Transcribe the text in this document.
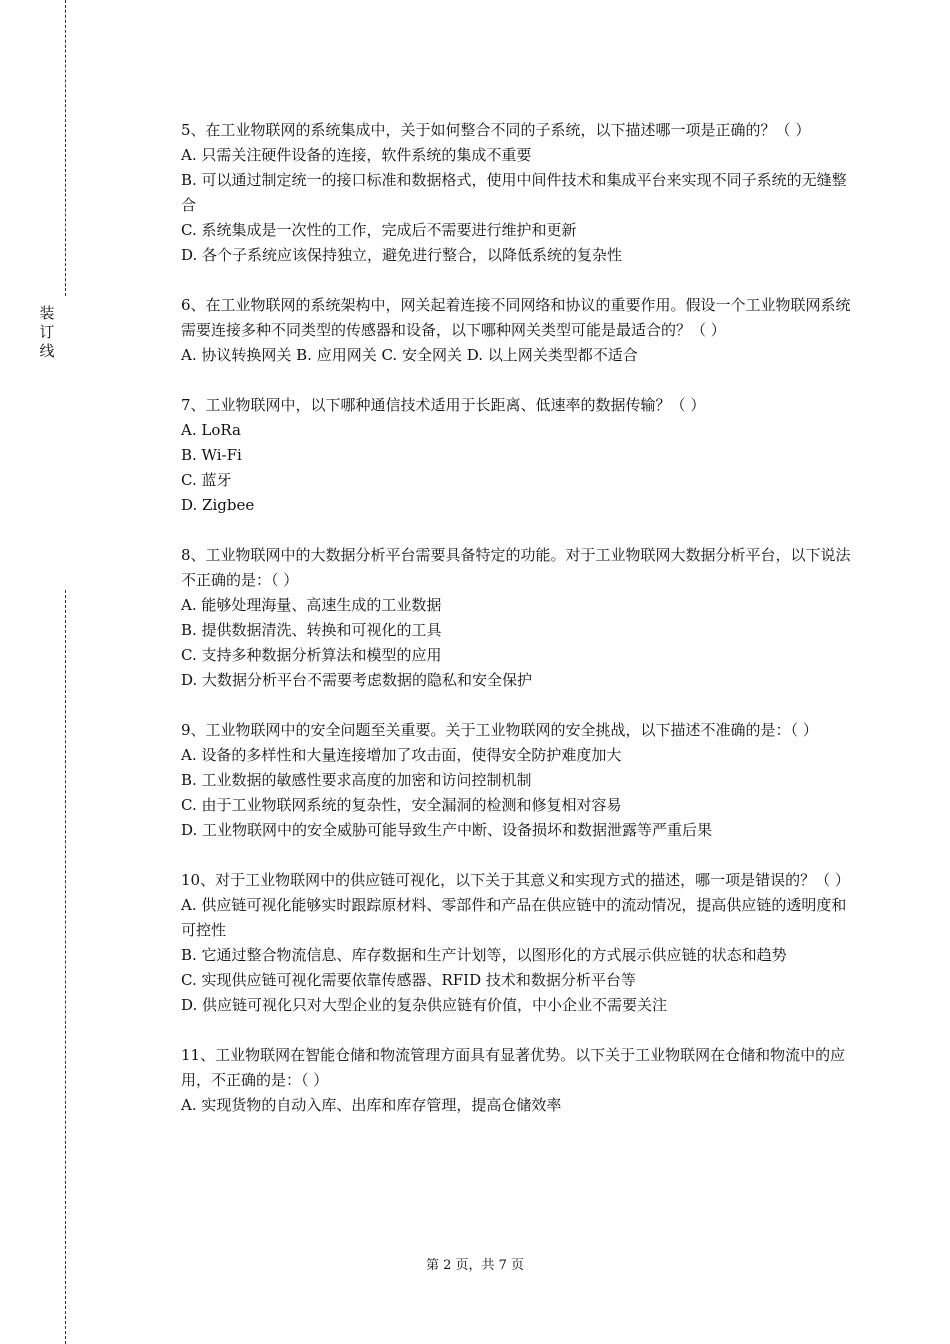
装
订
线

5、在工业物联网的系统集成中，关于如何整合不同的子系统，以下描述哪一项是正确的？（ ）

A. 只需关注硬件设备的连接，软件系统的集成不重要

B. 可以通过制定统一的接口标准和数据格式，使用中间件技术和集成平台来实现不同子系统的无缝整合

C. 系统集成是一次性的工作，完成后不需要进行维护和更新

D. 各个子系统应该保持独立，避免进行整合，以降低系统的复杂性

6、在工业物联网的系统架构中，网关起着连接不同网络和协议的重要作用。假设一个工业物联网系统需要连接多种不同类型的传感器和设备，以下哪种网关类型可能是最适合的？（ ）

A. 协议转换网关 B. 应用网关 C. 安全网关 D. 以上网关类型都不适合

7、工业物联网中，以下哪种通信技术适用于长距离、低速率的数据传输？（ ）

A. LoRa

B. Wi-Fi

C. 蓝牙

D. Zigbee

8、工业物联网中的大数据分析平台需要具备特定的功能。对于工业物联网大数据分析平台，以下说法不正确的是：（ ）

A. 能够处理海量、高速生成的工业数据

B. 提供数据清洗、转换和可视化的工具

C. 支持多种数据分析算法和模型的应用

D. 大数据分析平台不需要考虑数据的隐私和安全保护

9、工业物联网中的安全问题至关重要。关于工业物联网的安全挑战，以下描述不准确的是：（ ）

A. 设备的多样性和大量连接增加了攻击面，使得安全防护难度加大

B. 工业数据的敏感性要求高度的加密和访问控制机制

C. 由于工业物联网系统的复杂性，安全漏洞的检测和修复相对容易

D. 工业物联网中的安全威胁可能导致生产中断、设备损坏和数据泄露等严重后果

10、对于工业物联网中的供应链可视化，以下关于其意义和实现方式的描述，哪一项是错误的？（ ）

A. 供应链可视化能够实时跟踪原材料、零部件和产品在供应链中的流动情况，提高供应链的透明度和可控性

B. 它通过整合物流信息、库存数据和生产计划等，以图形化的方式展示供应链的状态和趋势

C. 实现供应链可视化需要依靠传感器、RFID 技术和数据分析平台等

D. 供应链可视化只对大型企业的复杂供应链有价值，中小企业不需要关注

11、工业物联网在智能仓储和物流管理方面具有显著优势。以下关于工业物联网在仓储和物流中的应用，不正确的是：（ ）

A. 实现货物的自动入库、出库和库存管理，提高仓储效率

第 2 页，共 7 页
